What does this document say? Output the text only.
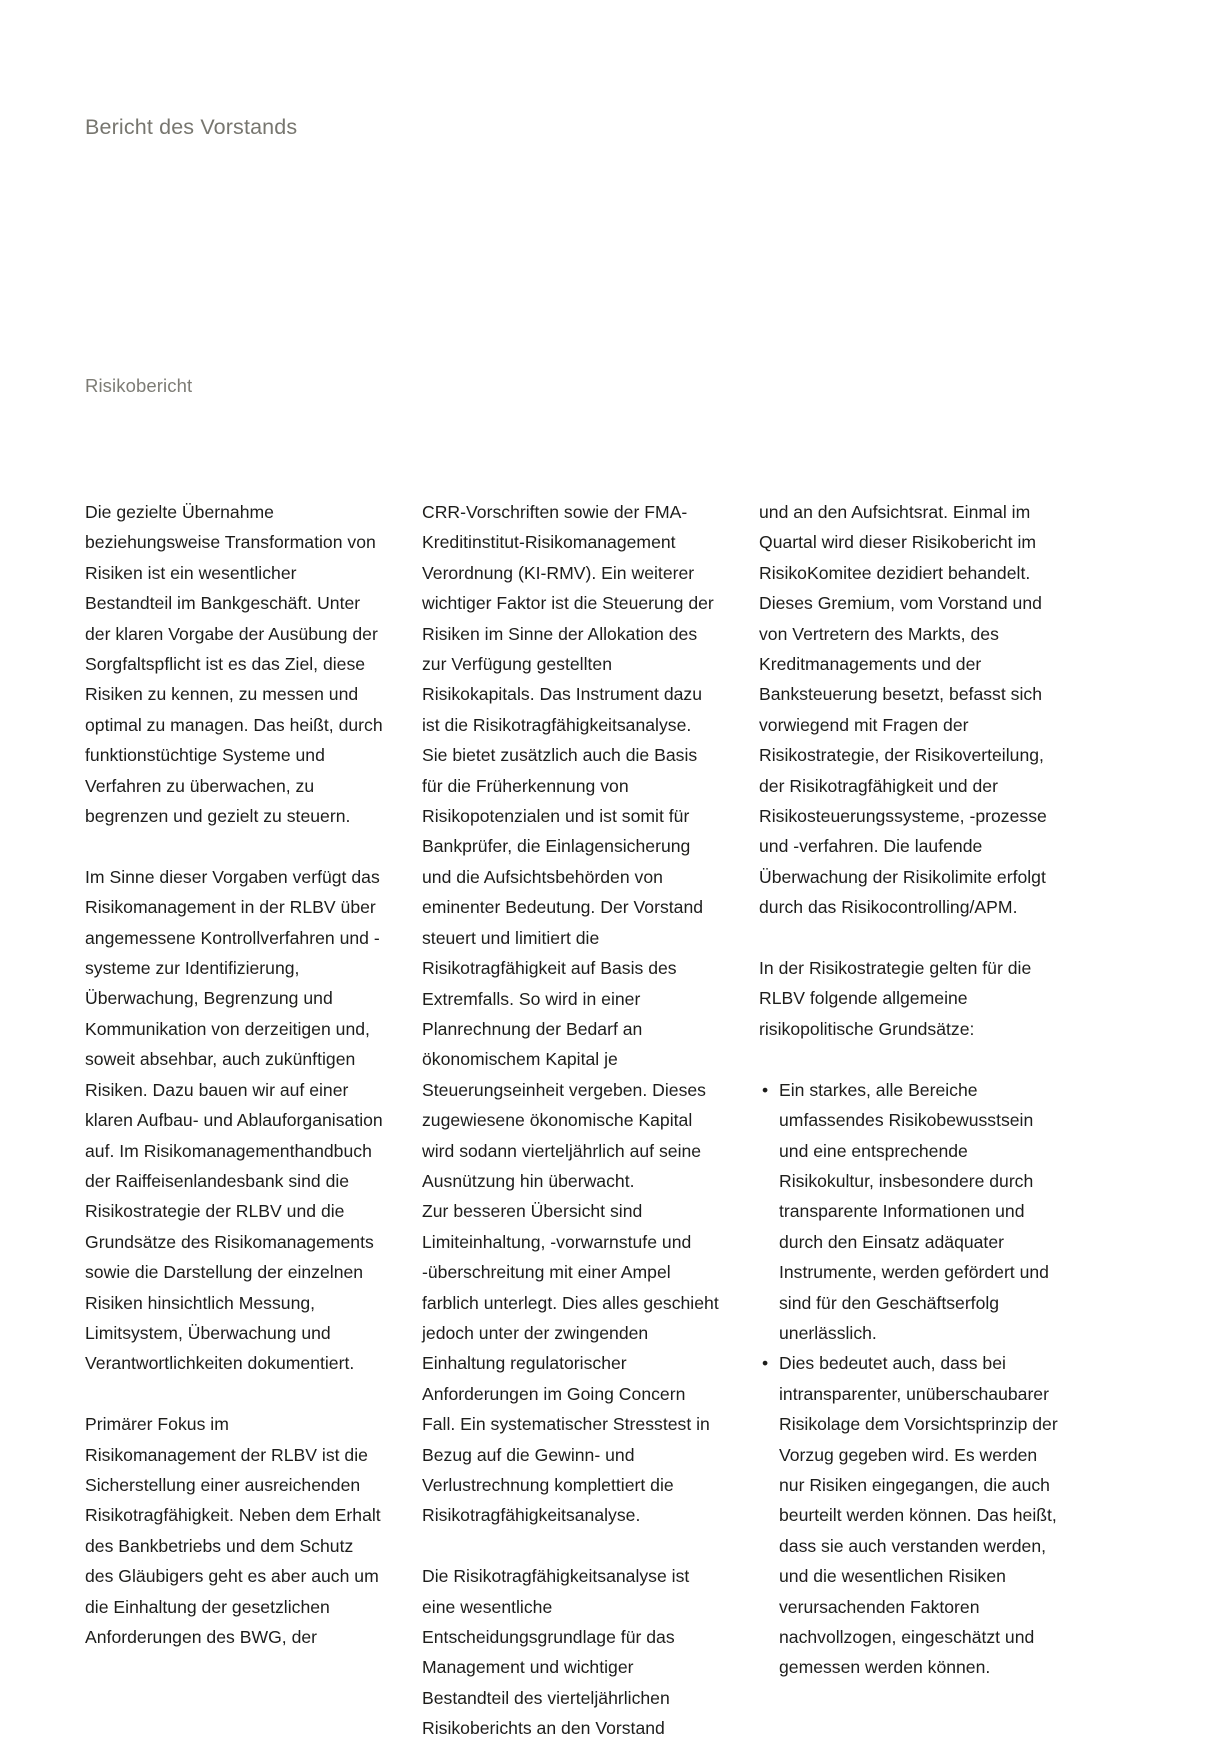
Bericht des Vorstands
Risikobericht

Die gezielte Übernahme beziehungsweise Transformation von Risiken ist ein wesentlicher Bestandteil im Bankgeschäft. Unter der klaren Vorgabe der Ausübung der Sorgfaltspflicht ist es das Ziel, diese Risiken zu kennen, zu messen und optimal zu managen. Das heißt, durch funktionstüchtige Systeme und Verfahren zu überwachen, zu begrenzen und gezielt zu steuern.

Im Sinne dieser Vorgaben verfügt das Risikomanagement in der RLBV über angemessene Kontrollverfahren und -systeme zur Identifizierung, Überwachung, Begrenzung und Kommunikation von derzeitigen und, soweit absehbar, auch zukünftigen Risiken. Dazu bauen wir auf einer klaren Aufbau- und Ablauforganisation auf. Im Risikomanagementhandbuch der Raiffeisenlandesbank sind die Risikostrategie der RLBV und die Grundsätze des Risikomanagements sowie die Darstellung der einzelnen Risiken hinsichtlich Messung, Limitsystem, Überwachung und Verantwortlichkeiten dokumentiert.

Primärer Fokus im Risikomanagement der RLBV ist die Sicherstellung einer ausreichenden Risikotragfähigkeit. Neben dem Erhalt des Bankbetriebs und dem Schutz des Gläubigers geht es aber auch um die Einhaltung der gesetzlichen Anforderungen des BWG, der

CRR-Vorschriften sowie der FMA-Kreditinstitut-Risikomanagement Verordnung (KI-RMV). Ein weiterer wichtiger Faktor ist die Steuerung der Risiken im Sinne der Allokation des zur Verfügung gestellten Risikokapitals. Das Instrument dazu ist die Risikotragfähigkeitsanalyse. Sie bietet zusätzlich auch die Basis für die Früherkennung von Risikopotenzialen und ist somit für Bankprüfer, die Einlagensicherung und die Aufsichtsbehörden von eminenter Bedeutung. Der Vorstand steuert und limitiert die Risikotragfähigkeit auf Basis des Extremfalls. So wird in einer Planrechnung der Bedarf an ökonomischem Kapital je Steuerungseinheit vergeben. Dieses zugewiesene ökonomische Kapital wird sodann vierteljährlich auf seine Ausnützung hin überwacht.

Zur besseren Übersicht sind Limiteinhaltung, -vorwarnstufe und -überschreitung mit einer Ampel farblich unterlegt. Dies alles geschieht jedoch unter der zwingenden Einhaltung regulatorischer Anforderungen im Going Concern Fall. Ein systematischer Stresstest in Bezug auf die Gewinn- und Verlustrechnung komplettiert die Risikotragfähigkeitsanalyse.

Die Risikotragfähigkeitsanalyse ist eine wesentliche Entscheidungsgrundlage für das Management und wichtiger Bestandteil des vierteljährlichen Risikoberichts an den Vorstand

und an den Aufsichtsrat. Einmal im Quartal wird dieser Risikobericht im RisikoKomitee dezidiert behandelt. Dieses Gremium, vom Vorstand und von Vertretern des Markts, des Kreditmanagements und der Banksteuerung besetzt, befasst sich vorwiegend mit Fragen der Risikostrategie, der Risikoverteilung, der Risikotragfähigkeit und der Risikosteuerungssysteme, -prozesse und -verfahren. Die laufende Überwachung der Risikolimite erfolgt durch das Risikocontrolling/APM.

In der Risikostrategie gelten für die RLBV folgende allgemeine risikopolitische Grundsätze:

• Ein starkes, alle Bereiche umfassendes Risikobewusstsein und eine entsprechende Risikokultur, insbesondere durch transparente Informationen und durch den Einsatz adäquater Instrumente, werden gefördert und sind für den Geschäftserfolg unerlässlich.
• Dies bedeutet auch, dass bei intransparenter, unüberschaubarer Risikolage dem Vorsichtsprinzip der Vorzug gegeben wird. Es werden nur Risiken eingegangen, die auch beurteilt werden können. Das heißt, dass sie auch verstanden werden, und die wesentlichen Risiken verursachenden Faktoren nachvollzogen, eingeschätzt und gemessen werden können.
